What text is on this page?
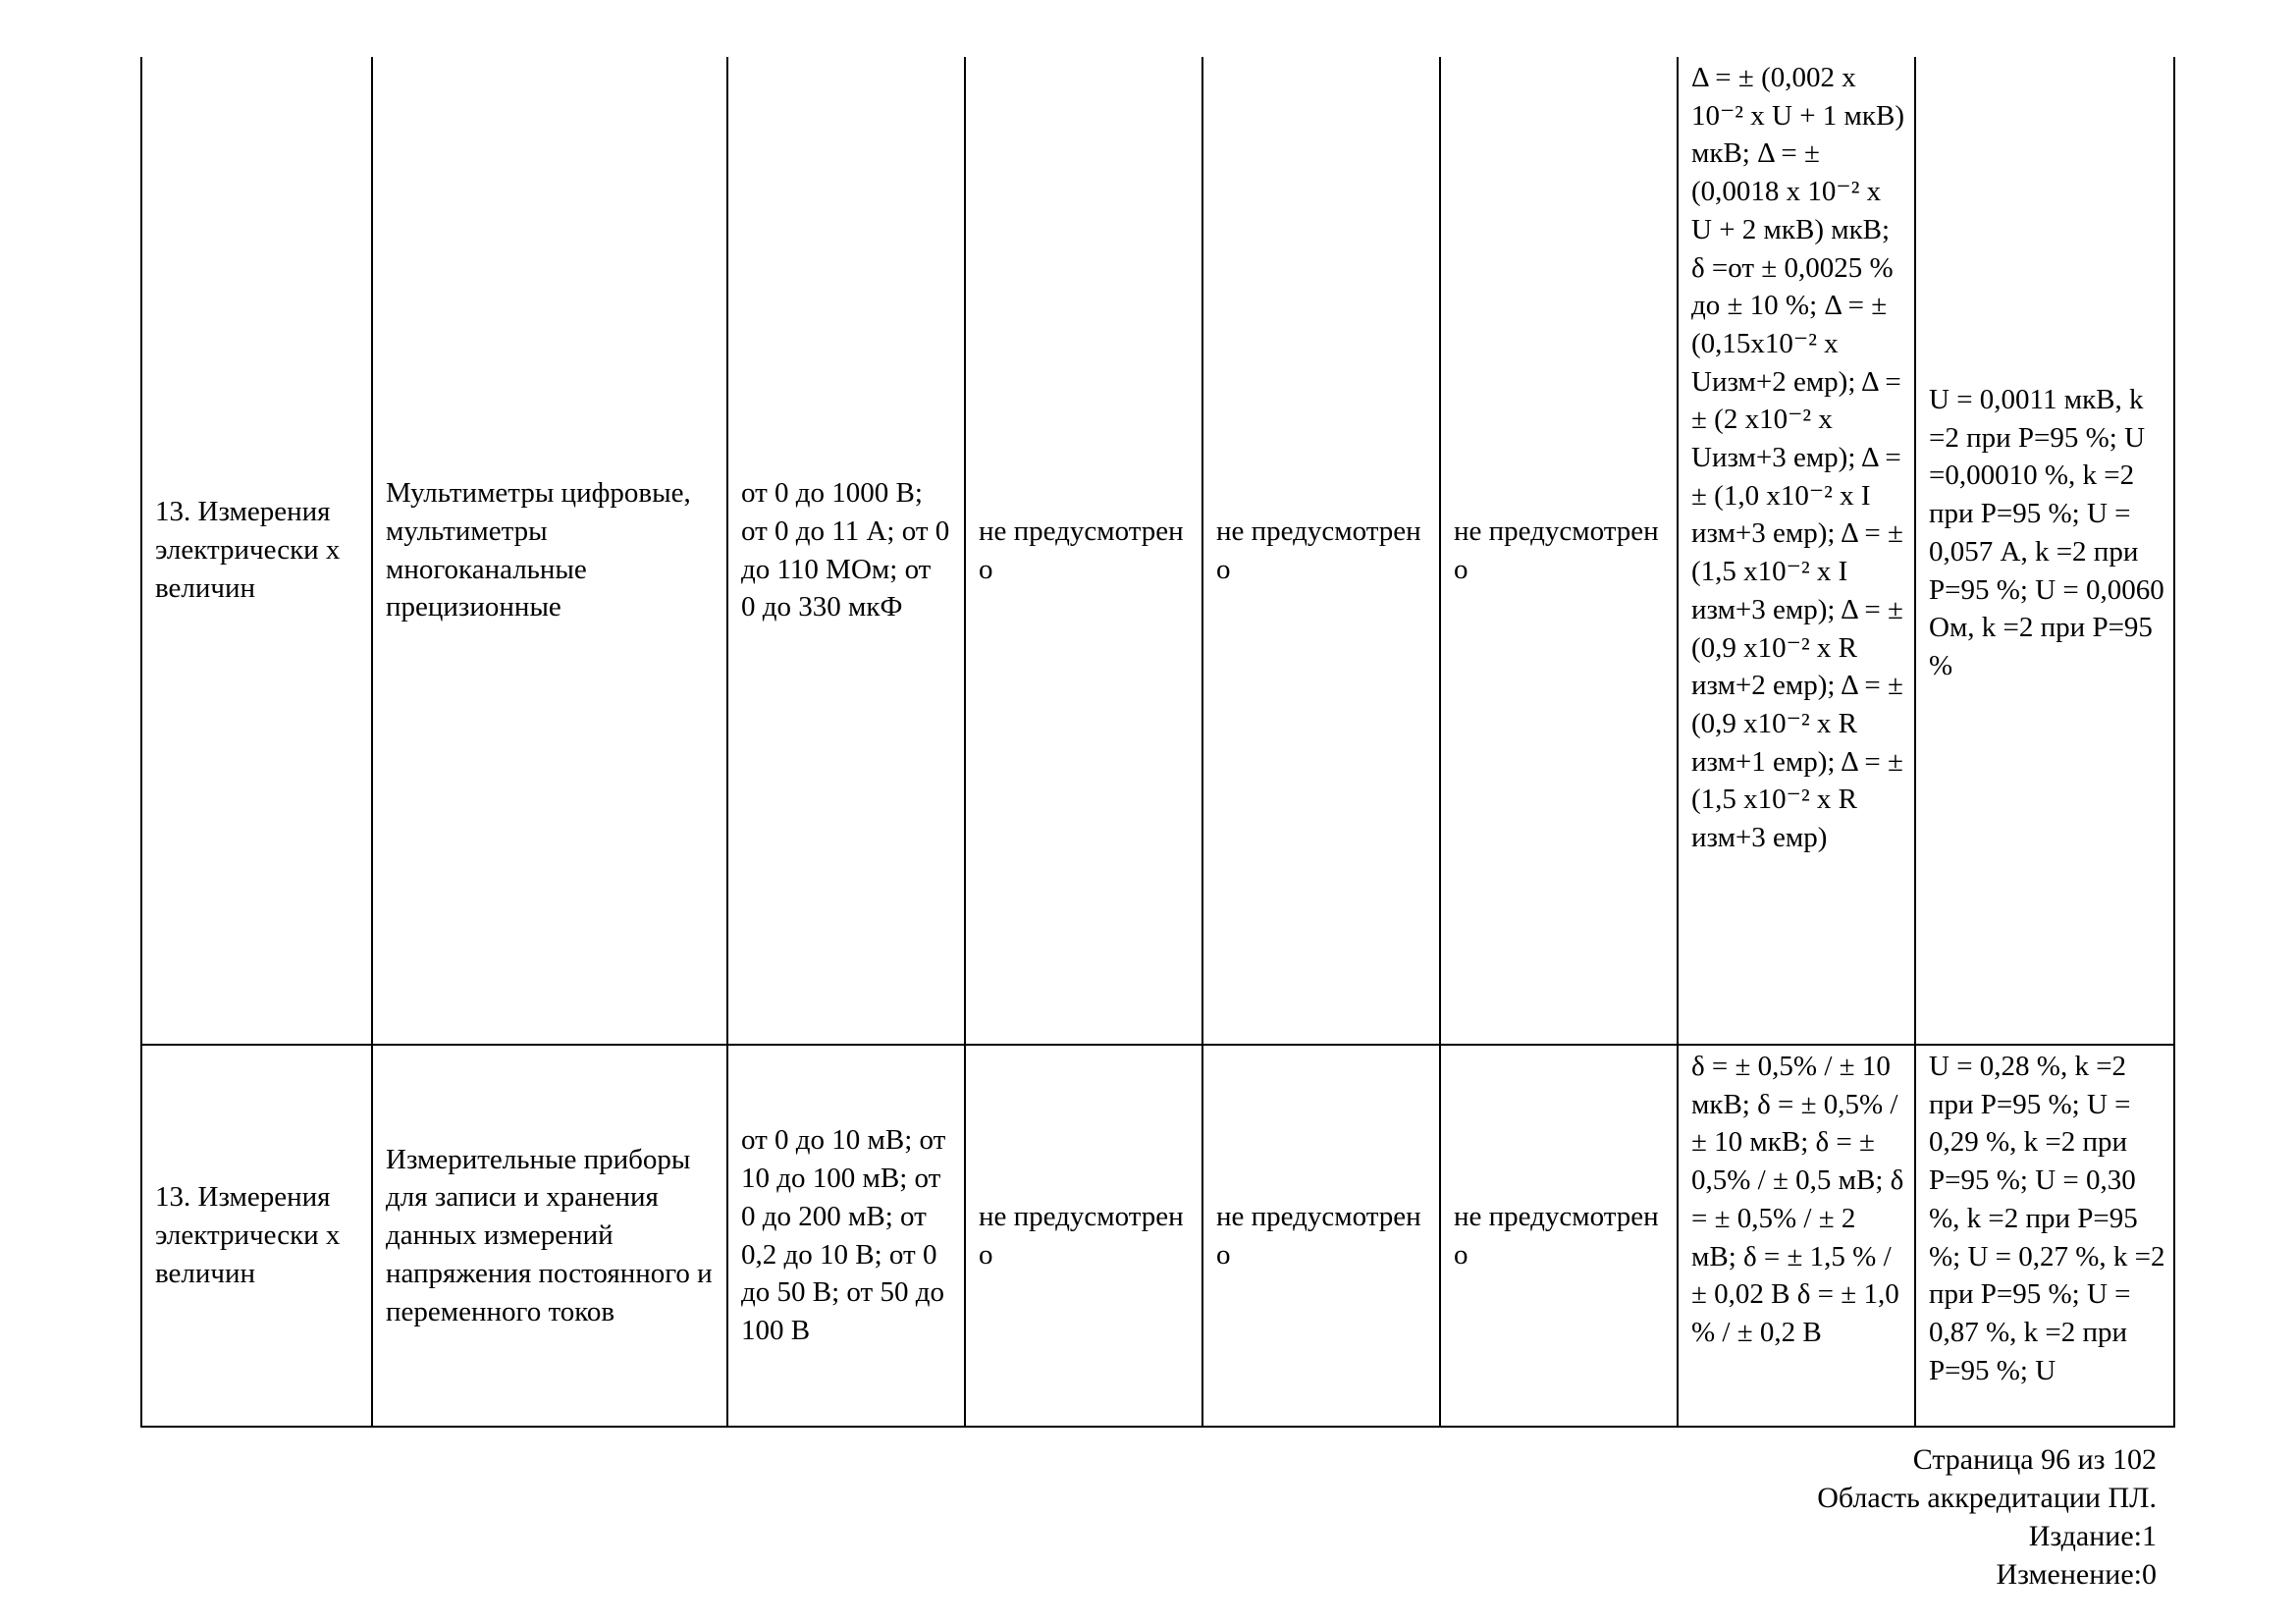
13. Измерения электрически х величин	Мультиметры цифровые, мультиметры многоканальные прецизионные	от 0 до 1000 В; от 0 до 11 А; от 0 до 110 МОм; от 0 до 330 мкФ	не предусмотрен о	не предусмотрен о	не предусмотрен о	Δ = ± (0,002 х 10⁻² х U + 1 мкВ) мкВ; Δ = ± (0,0018 х 10⁻² х U + 2 мкВ) мкВ; δ =от ± 0,0025 % до ± 10 %; Δ = ± (0,15х10⁻² х Uизм+2 емр); Δ = ± (2 х10⁻² х Uизм+3 емр); Δ = ± (1,0 х10⁻² х I изм+3 емр); Δ = ± (1,5 х10⁻² х I изм+3 емр); Δ = ± (0,9 х10⁻² х R изм+2 емр); Δ = ± (0,9 х10⁻² х R изм+1 емр); Δ = ± (1,5 х10⁻² х R изм+3 емр)	U = 0,0011 мкВ, k =2 при Р=95 %; U =0,00010 %, k =2 при Р=95 %; U = 0,057 А, k =2 при Р=95 %; U = 0,0060 Ом, k =2 при Р=95 %
13. Измерения электрически х величин	Измерительные приборы для записи и хранения данных измерений напряжения постоянного и переменного токов	от 0 до 10 мВ; от 10 до 100 мВ; от 0 до 200 мВ; от 0,2 до 10 В; от 0 до 50 В; от 50 до 100 В	не предусмотрен о	не предусмотрен о	не предусмотрен о	δ = ± 0,5% / ± 10 мкВ; δ = ± 0,5% / ± 10 мкВ; δ = ± 0,5% / ± 0,5 мВ; δ = ± 0,5% / ± 2 мВ; δ = ± 1,5 % / ± 0,02 В δ = ± 1,0 % / ± 0,2 В	U = 0,28 %, k =2 при Р=95 %; U = 0,29 %, k =2 при Р=95 %; U = 0,30 %, k =2 при Р=95 %; U = 0,27 %, k =2 при Р=95 %; U = 0,87 %, k =2 при Р=95 %; U
Страница 96 из 102
Область аккредитации ПЛ.
Издание:1
Изменение:0
